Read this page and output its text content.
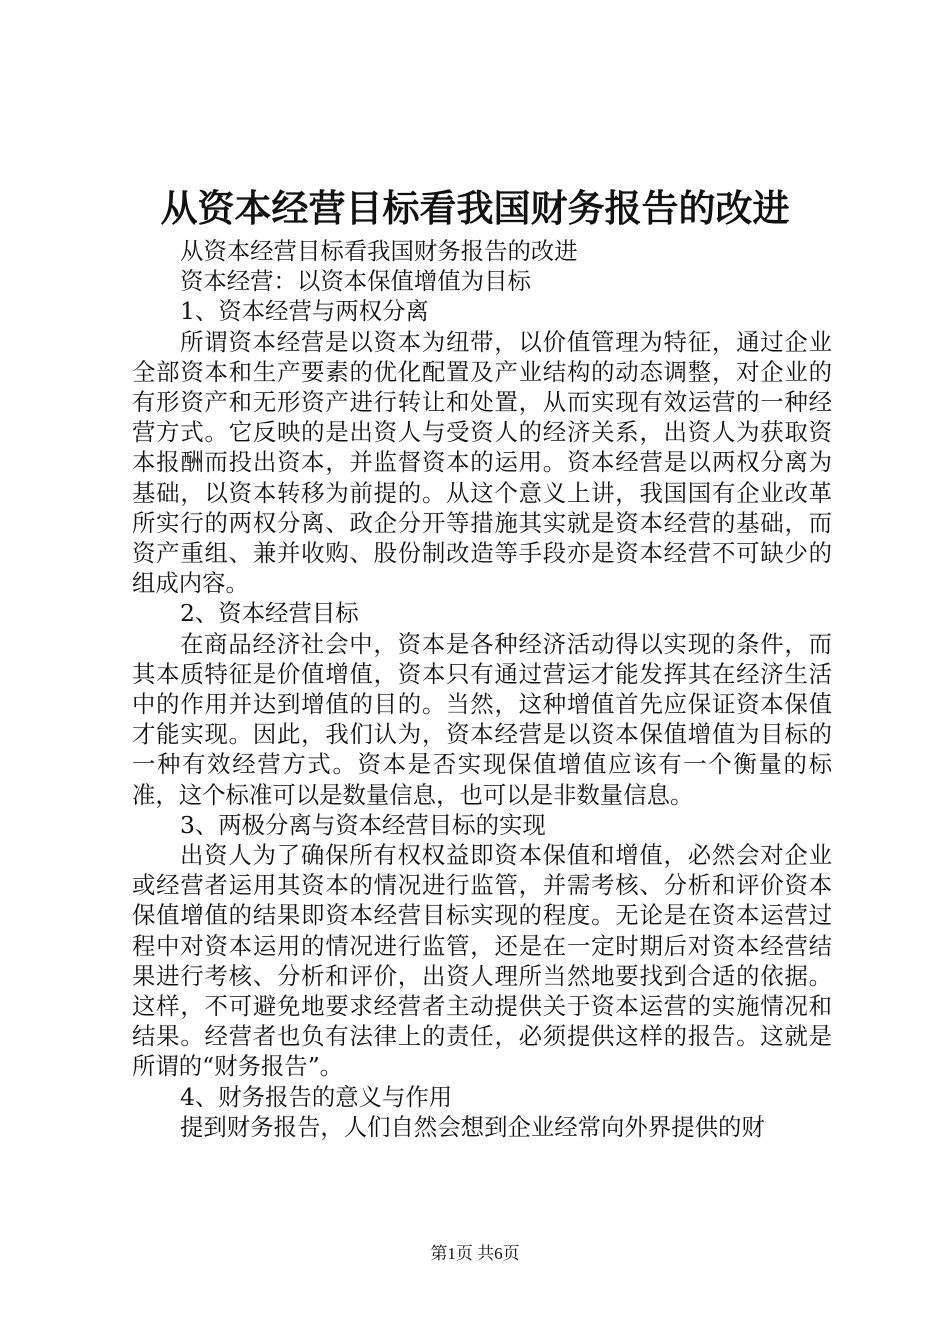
从资本经营目标看我国财务报告的改进

从资本经营目标看我国财务报告的改进

资本经营：以资本保值增值为目标

1、资本经营与两权分离

所谓资本经营是以资本为纽带，以价值管理为特征，通过企业全部资本和生产要素的优化配置及产业结构的动态调整，对企业的有形资产和无形资产进行转让和处置，从而实现有效运营的一种经营方式。它反映的是出资人与受资人的经济关系，出资人为获取资本报酬而投出资本，并监督资本的运用。资本经营是以两权分离为基础，以资本转移为前提的。从这个意义上讲，我国国有企业改革所实行的两权分离、政企分开等措施其实就是资本经营的基础，而资产重组、兼并收购、股份制改造等手段亦是资本经营不可缺少的组成内容。

2、资本经营目标

在商品经济社会中，资本是各种经济活动得以实现的条件，而其本质特征是价值增值，资本只有通过营运才能发挥其在经济生活中的作用并达到增值的目的。当然，这种增值首先应保证资本保值才能实现。因此，我们认为，资本经营是以资本保值增值为目标的一种有效经营方式。资本是否实现保值增值应该有一个衡量的标准，这个标准可以是数量信息，也可以是非数量信息。

3、两极分离与资本经营目标的实现

出资人为了确保所有权权益即资本保值和增值，必然会对企业或经营者运用其资本的情况进行监管，并需考核、分析和评价资本保值增值的结果即资本经营目标实现的程度。无论是在资本运营过程中对资本运用的情况进行监管，还是在一定时期后对资本经营结果进行考核、分析和评价，出资人理所当然地要找到合适的依据。这样，不可避免地要求经营者主动提供关于资本运营的实施情况和结果。经营者也负有法律上的责任，必须提供这样的报告。这就是所谓的“财务报告”。

4、财务报告的意义与作用

提到财务报告，人们自然会想到企业经常向外界提供的财

第1页 共6页
